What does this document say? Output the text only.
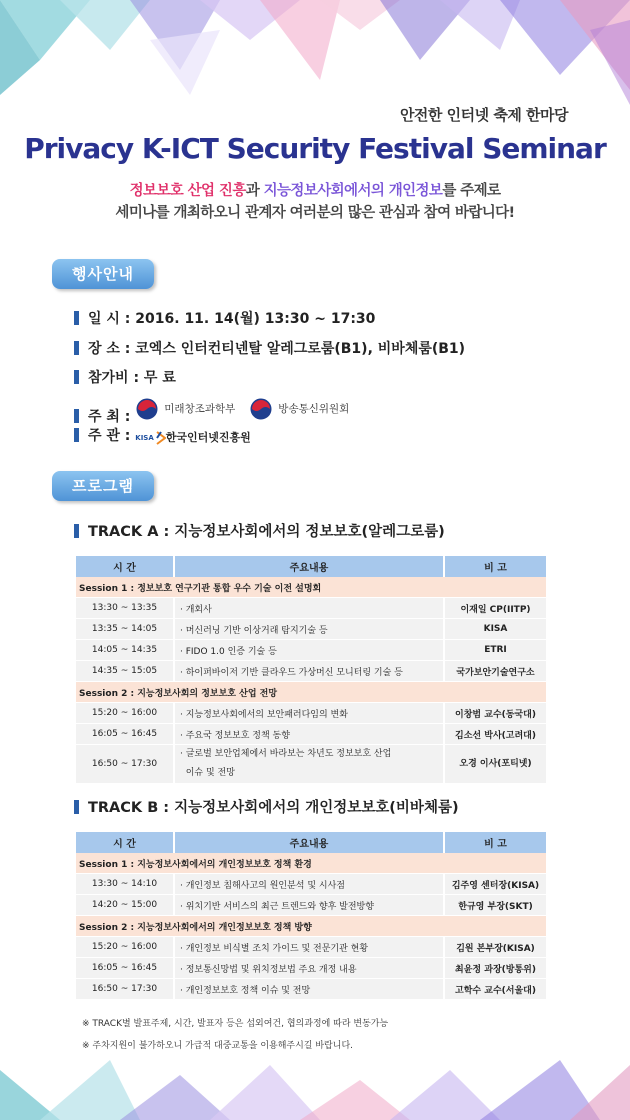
안전한 인터넷 축제 한마당
Privacy K-ICT Security Festival Seminar
정보보호 산업 진흥과 지능정보사회에서의 개인정보를 주제로
세미나를 개최하오니 관계자 여러분의 많은 관심과 참여 바랍니다!
행사안내
일 시 : 2016. 11. 14(월) 13:30 ~ 17:30
장 소 : 코엑스 인터컨티넨탈 알레그로룸(B1), 비바체룸(B1)
참가비 : 무 료
주 최 :	미래창조과학부	방송통신위원회
주 관 : KISA 한국인터넷진흥원
프로그램
TRACK A : 지능정보사회에서의 정보보호(알레그로룸)
시 간	주요내용	비 고
Session 1 : 정보보호 연구기관 통합 우수 기술 이전 설명회		
13:30 ~ 13:35	· 개회사	이재일 CP(IITP)
13:35 ~ 14:05	· 머신러닝 기반 이상거래 탐지기술 등	KISA
14:05 ~ 14:35	· FIDO 1.0 인증 기술 등	ETRI
14:35 ~ 15:05	· 하이퍼바이저 기반 클라우드 가상머신 모니터링 기술 등	국가보안기술연구소
Session 2 : 지능정보사회의 정보보호 산업 전망		
15:20 ~ 16:00	· 지능정보사회에서의 보안패러다임의 변화	이창범 교수(동국대)
16:05 ~ 16:45	· 주요국 정보보호 정책 동향	김소선 박사(고려대)
16:50 ~ 17:30	· 글로벌 보안업체에서 바라보는 차년도 정보보호 산업
이슈 및 전망	오경 이사(포티넷)
TRACK B : 지능정보사회에서의 개인정보보호(비바체룸)
시 간	주요내용	비 고
Session 1 : 지능정보사회에서의 개인정보보호 정책 환경		
13:30 ~ 14:10	· 개인정보 침해사고의 원인분석 및 시사점	김주영 센터장(KISA)
14:20 ~ 15:00	· 위치기반 서비스의 최근 트렌드와 향후 발전방향	한규영 부장(SKT)
Session 2 : 지능정보사회에서의 개인정보보호 정책 방향		
15:20 ~ 16:00	· 개인정보 비식별 조치 가이드 및 전문기관 현황	김원 본부장(KISA)
16:05 ~ 16:45	· 정보통신망법 및 위치정보법 주요 개정 내용	최윤정 과장(방통위)
16:50 ~ 17:30	· 개인정보보호 정책 이슈 및 전망	고학수 교수(서울대)
※ TRACK별 발표주제, 시간, 발표자 등은 섭외여건, 협의과정에 따라 변동가능
※ 주차지원이 불가하오니 가급적 대중교통을 이용해주시길 바랍니다.
